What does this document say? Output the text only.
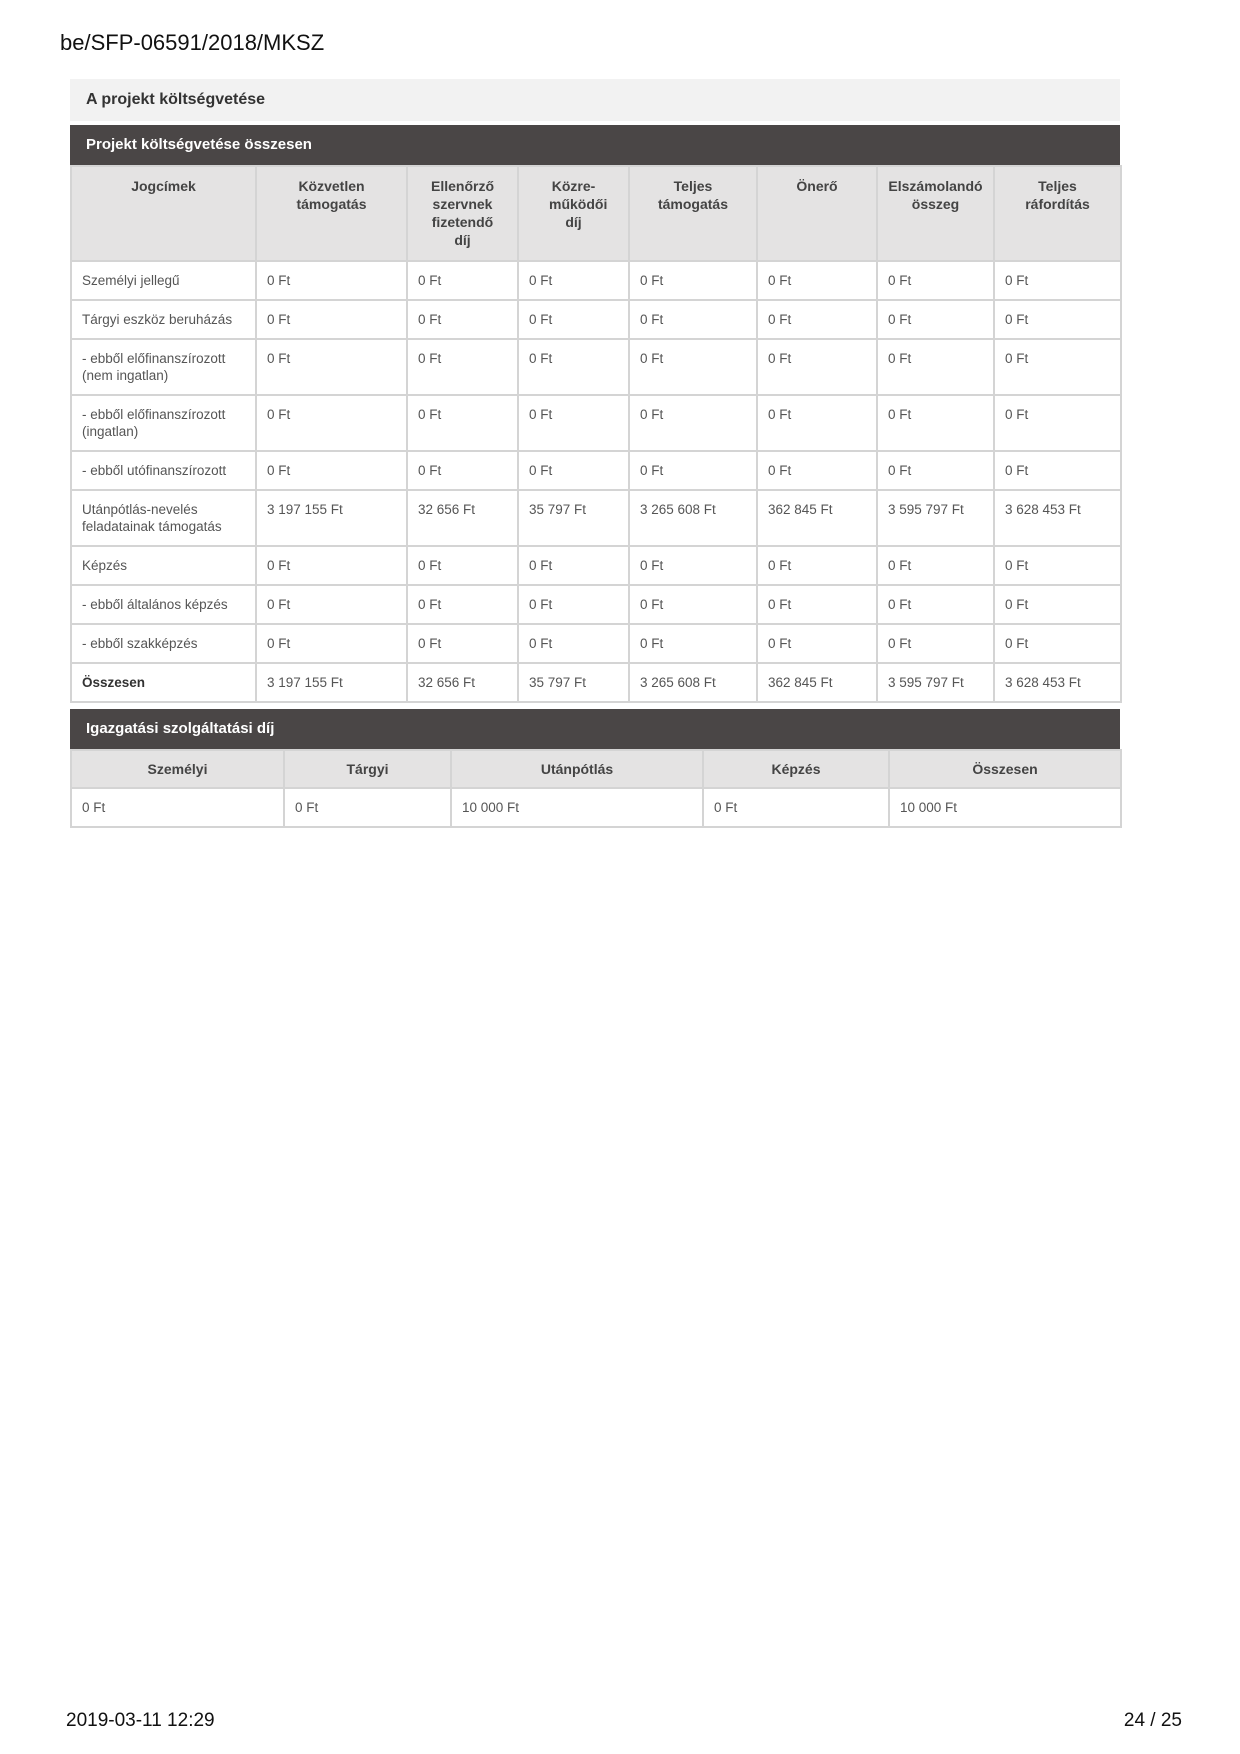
be/SFP-06591/2018/MKSZ
A projekt költségvetése
Projekt költségvetése összesen
Jogcímek	Közvetlen támogatás	Ellenőrző szervnek fizetendő díj	Közre- működői díj	Teljes támogatás	Önerő	Elszámolandó összeg	Teljes ráfordítás
Személyi jellegű	0 Ft	0 Ft	0 Ft	0 Ft	0 Ft	0 Ft	0 Ft
Tárgyi eszköz beruházás	0 Ft	0 Ft	0 Ft	0 Ft	0 Ft	0 Ft	0 Ft
- ebből előfinanszírozott (nem ingatlan)	0 Ft	0 Ft	0 Ft	0 Ft	0 Ft	0 Ft	0 Ft
- ebből előfinanszírozott (ingatlan)	0 Ft	0 Ft	0 Ft	0 Ft	0 Ft	0 Ft	0 Ft
- ebből utófinanszírozott	0 Ft	0 Ft	0 Ft	0 Ft	0 Ft	0 Ft	0 Ft
Utánpótlás-nevelés feladatainak támogatás	3 197 155 Ft	32 656 Ft	35 797 Ft	3 265 608 Ft	362 845 Ft	3 595 797 Ft	3 628 453 Ft
Képzés	0 Ft	0 Ft	0 Ft	0 Ft	0 Ft	0 Ft	0 Ft
- ebből általános képzés	0 Ft	0 Ft	0 Ft	0 Ft	0 Ft	0 Ft	0 Ft
- ebből szakképzés	0 Ft	0 Ft	0 Ft	0 Ft	0 Ft	0 Ft	0 Ft
Összesen	3 197 155 Ft	32 656 Ft	35 797 Ft	3 265 608 Ft	362 845 Ft	3 595 797 Ft	3 628 453 Ft
Igazgatási szolgáltatási díj
Személyi	Tárgyi	Utánpótlás	Képzés	Összesen
0 Ft	0 Ft	10 000 Ft	0 Ft	10 000 Ft
2019-03-11 12:29	24 / 25
